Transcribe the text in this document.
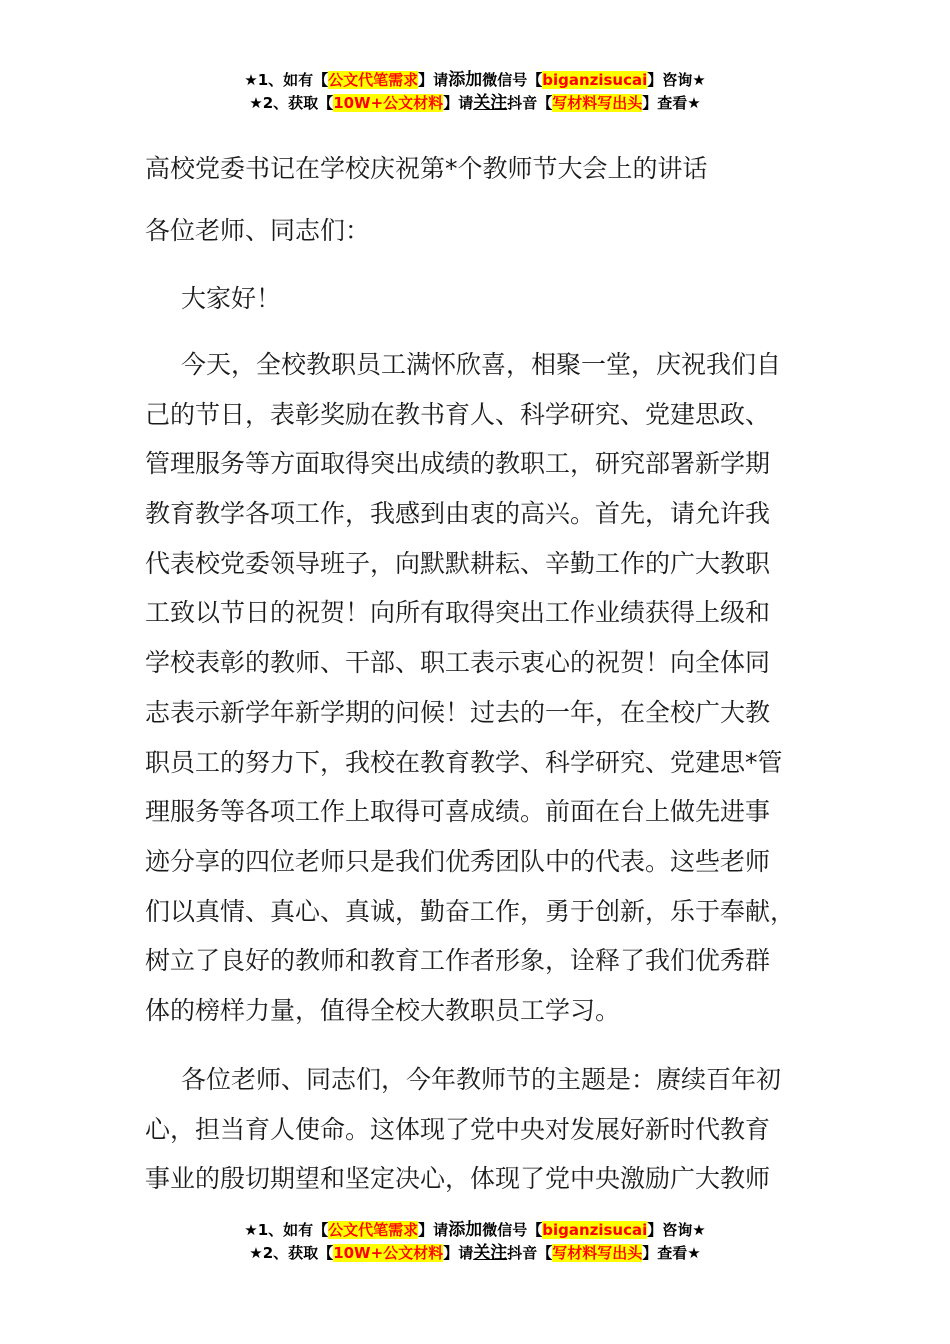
★1、如有【公文代笔需求】请添加微信号【biganzisucai】咨询★
★2、获取【10W+公文材料】请关注抖音【写材料写出头】查看★
高校党委书记在学校庆祝第*个教师节大会上的讲话
各位老师、同志们：
大家好！
今天，全校教职员工满怀欣喜，相聚一堂，庆祝我们自
己的节日，表彰奖励在教书育人、科学研究、党建思政、
管理服务等方面取得突出成绩的教职工，研究部署新学期
教育教学各项工作，我感到由衷的高兴。首先，请允许我
代表校党委领导班子，向默默耕耘、辛勤工作的广大教职
工致以节日的祝贺！向所有取得突出工作业绩获得上级和
学校表彰的教师、干部、职工表示衷心的祝贺！向全体同
志表示新学年新学期的问候！过去的一年，在全校广大教
职员工的努力下，我校在教育教学、科学研究、党建思*管
理服务等各项工作上取得可喜成绩。前面在台上做先进事
迹分享的四位老师只是我们优秀团队中的代表。这些老师
们以真情、真心、真诚，勤奋工作，勇于创新，乐于奉献，
树立了良好的教师和教育工作者形象，诠释了我们优秀群
体的榜样力量，值得全校大教职员工学习。
各位老师、同志们，今年教师节的主题是：赓续百年初
心，担当育人使命。这体现了党中央对发展好新时代教育
事业的殷切期望和坚定决心，体现了党中央激励广大教师
★1、如有【公文代笔需求】请添加微信号【biganzisucai】咨询★
★2、获取【10W+公文材料】请关注抖音【写材料写出头】查看★
